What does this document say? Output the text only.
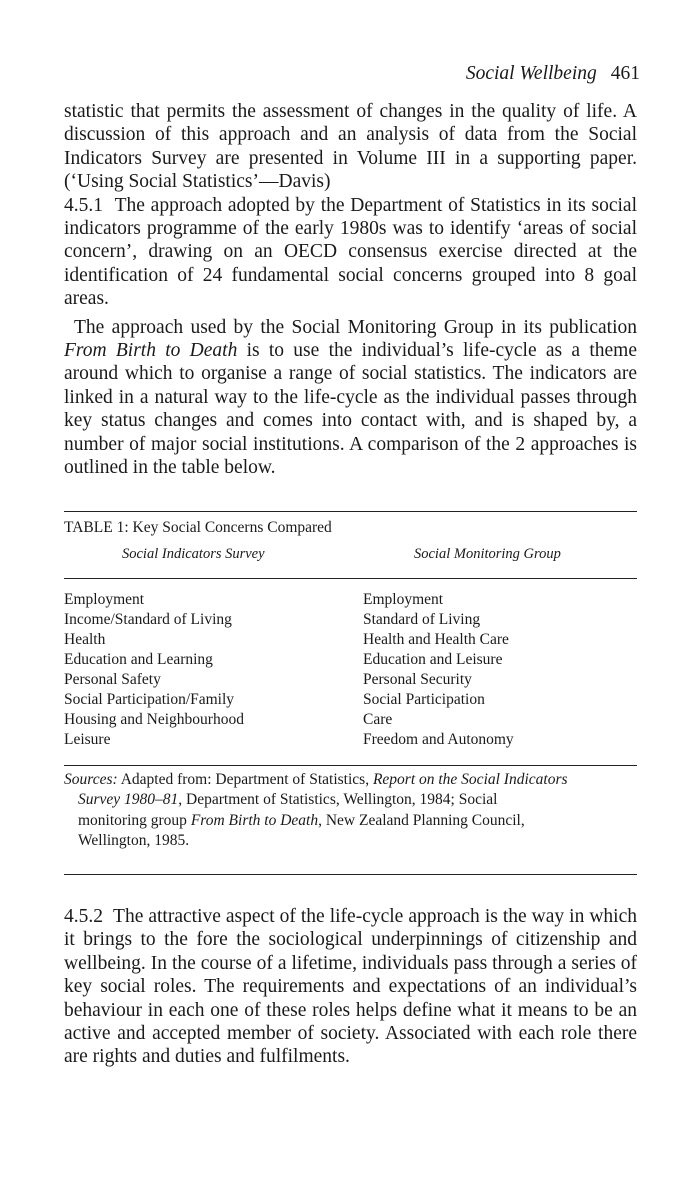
Social Wellbeing 461

statistic that permits the assessment of changes in the quality of life. A discussion of this approach and an analysis of data from the Social Indicators Survey are presented in Volume III in a supporting paper. (‘Using Social Statistics’—Davis)

4.5.1 The approach adopted by the Department of Statistics in its social indicators programme of the early 1980s was to identify ‘areas of social concern’, drawing on an OECD consensus exercise directed at the identification of 24 fundamental social concerns grouped into 8 goal areas.

The approach used by the Social Monitoring Group in its publication From Birth to Death is to use the individual’s life-cycle as a theme around which to organise a range of social statistics. The indicators are linked in a natural way to the life-cycle as the individual passes through key status changes and comes into contact with, and is shaped by, a number of major social institutions. A comparison of the 2 approaches is outlined in the table below.

TABLE 1: Key Social Concerns Compared
Social Indicators Survey	Social Monitoring Group
Employment
Income/Standard of Living
Health
Education and Learning
Personal Safety
Social Participation/Family
Housing and Neighbourhood
Leisure
Employment
Standard of Living
Health and Health Care
Education and Leisure
Personal Security
Social Participation
Care
Freedom and Autonomy
Sources: Adapted from: Department of Statistics, Report on the Social Indicators
Survey 1980–81, Department of Statistics, Wellington, 1984; Social
monitoring group From Birth to Death, New Zealand Planning Council,
Wellington, 1985.

4.5.2 The attractive aspect of the life-cycle approach is the way in which it brings to the fore the sociological underpinnings of citizenship and wellbeing. In the course of a lifetime, individuals pass through a series of key social roles. The requirements and expectations of an individual’s behaviour in each one of these roles helps define what it means to be an active and accepted member of society. Associated with each role there are rights and duties and fulfilments.
